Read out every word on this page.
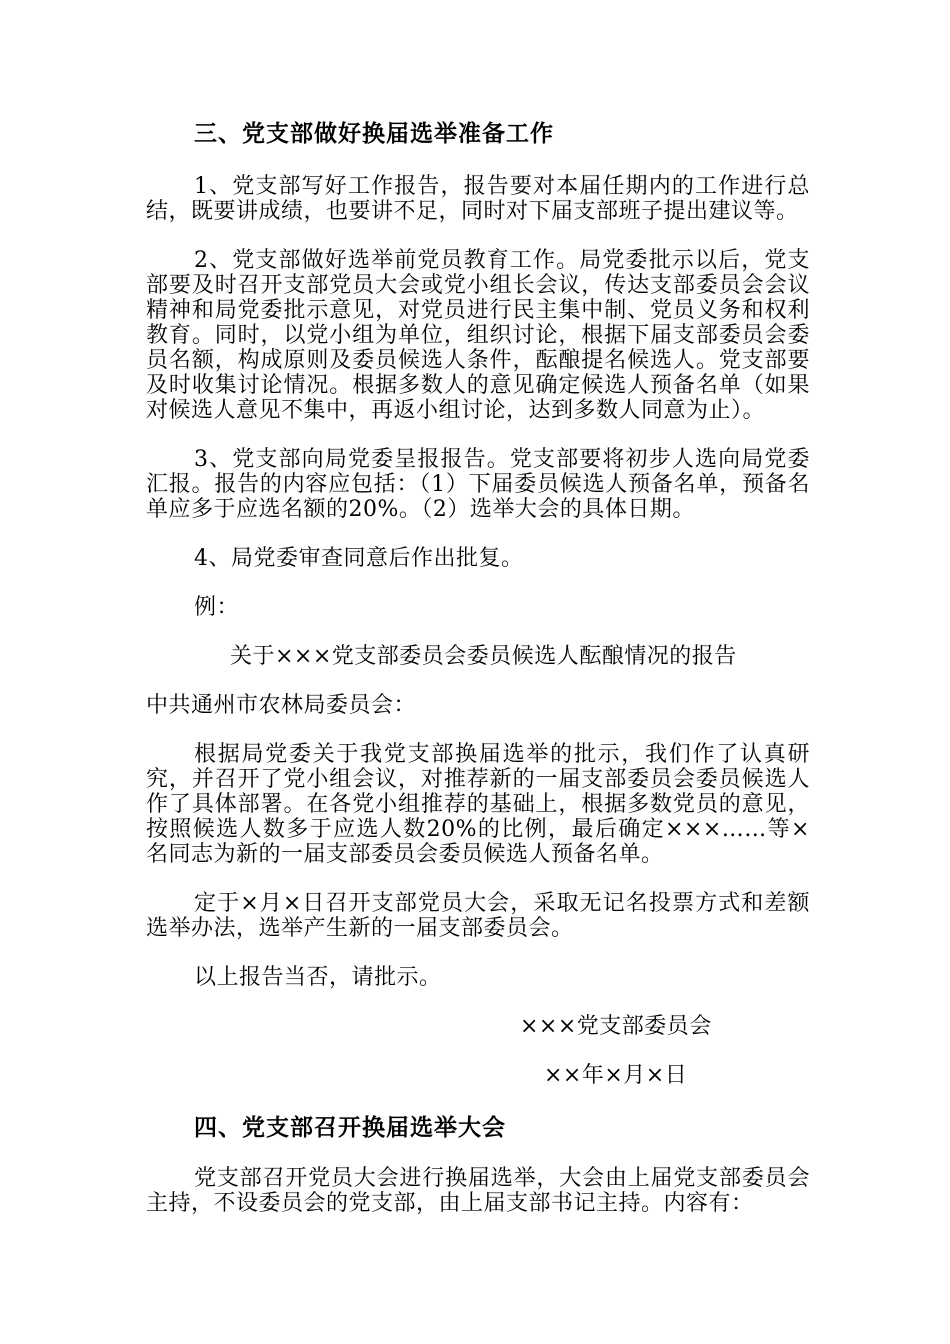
三、党支部做好换届选举准备工作

1、党支部写好工作报告，报告要对本届任期内的工作进行总结，既要讲成绩，也要讲不足，同时对下届支部班子提出建议等。

2、党支部做好选举前党员教育工作。局党委批示以后，党支部要及时召开支部党员大会或党小组长会议，传达支部委员会会议精神和局党委批示意见，对党员进行民主集中制、党员义务和权利教育。同时，以党小组为单位，组织讨论，根据下届支部委员会委员名额，构成原则及委员候选人条件，酝酿提名候选人。党支部要及时收集讨论情况。根据多数人的意见确定候选人预备名单（如果对候选人意见不集中，再返小组讨论，达到多数人同意为止）。

3、党支部向局党委呈报报告。党支部要将初步人选向局党委汇报。报告的内容应包括：（1）下届委员候选人预备名单，预备名单应多于应选名额的20%。（2）选举大会的具体日期。

4、局党委审查同意后作出批复。

例：

关于×××党支部委员会委员候选人酝酿情况的报告

中共通州市农林局委员会：

根据局党委关于我党支部换届选举的批示，我们作了认真研究，并召开了党小组会议，对推荐新的一届支部委员会委员候选人作了具体部署。在各党小组推荐的基础上，根据多数党员的意见，按照候选人数多于应选人数20%的比例，最后确定×××……等×名同志为新的一届支部委员会委员候选人预备名单。

定于×月×日召开支部党员大会，采取无记名投票方式和差额选举办法，选举产生新的一届支部委员会。

以上报告当否，请批示。

×××党支部委员会

××年×月×日

四、党支部召开换届选举大会

党支部召开党员大会进行换届选举，大会由上届党支部委员会主持，不设委员会的党支部，由上届支部书记主持。内容有：
